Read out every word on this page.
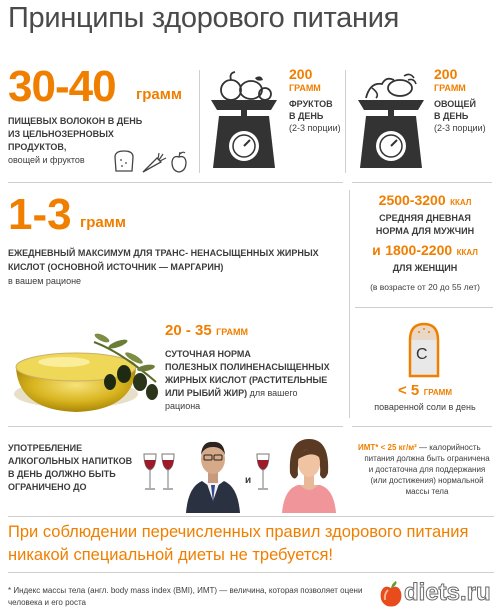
Принципы здорового питания
30-40 грамм
ПИЩЕВЫХ ВОЛОКОН В ДЕНЬ
ИЗ ЦЕЛЬНОЗЕРНОВЫХ
ПРОДУКТОВ,
овощей и фруктов
200
ГРАММ
ФРУКТОВ
В ДЕНЬ
(2-3 порции)
200
ГРАММ
ОВОЩЕЙ
В ДЕНЬ
(2-3 порции)
1-3 грамм
ЕЖЕДНЕВНЫЙ МАКСИМУМ ДЛЯ ТРАНС- НЕНАСЫЩЕННЫХ ЖИРНЫХ
КИСЛОТ (ОСНОВНОЙ ИСТОЧНИК — МАРГАРИН)
в вашем рационе
2500-3200 ККАЛ
СРЕДНЯЯ ДНЕВНАЯ
НОРМА ДЛЯ МУЖЧИН
и 1800-2200 ККАЛ
ДЛЯ ЖЕНЩИН
(в возрасте от 20 до 55 лет)
20 - 35 ГРАММ
СУТОЧНАЯ НОРМА
ПОЛЕЗНЫХ ПОЛИНЕНАСЫЩЕННЫХ
ЖИРНЫХ КИСЛОТ (РАСТИТЕЛЬНЫЕ
ИЛИ РЫБИЙ ЖИР) для вашего
рациона
С
< 5 ГРАММ
поваренной соли в день
УПОТРЕБЛЕНИЕ
АЛКОГОЛЬНЫХ НАПИТКОВ
В ДЕНЬ ДОЛЖНО БЫТЬ
ОГРАНИЧЕНО ДО
и
ИМТ* < 25 кг/м² — калорийность
питания должна быть ограничена
и достаточна для поддержания
(или достижения) нормальной
массы тела
При соблюдении перечисленных правил здорового питания
никакой специальной диеты не требуется!
* Индекс массы тела (англ. body mass index (BMI), ИМТ) — величина, которая позволяет оцени
человека и его роста	diets.ru
